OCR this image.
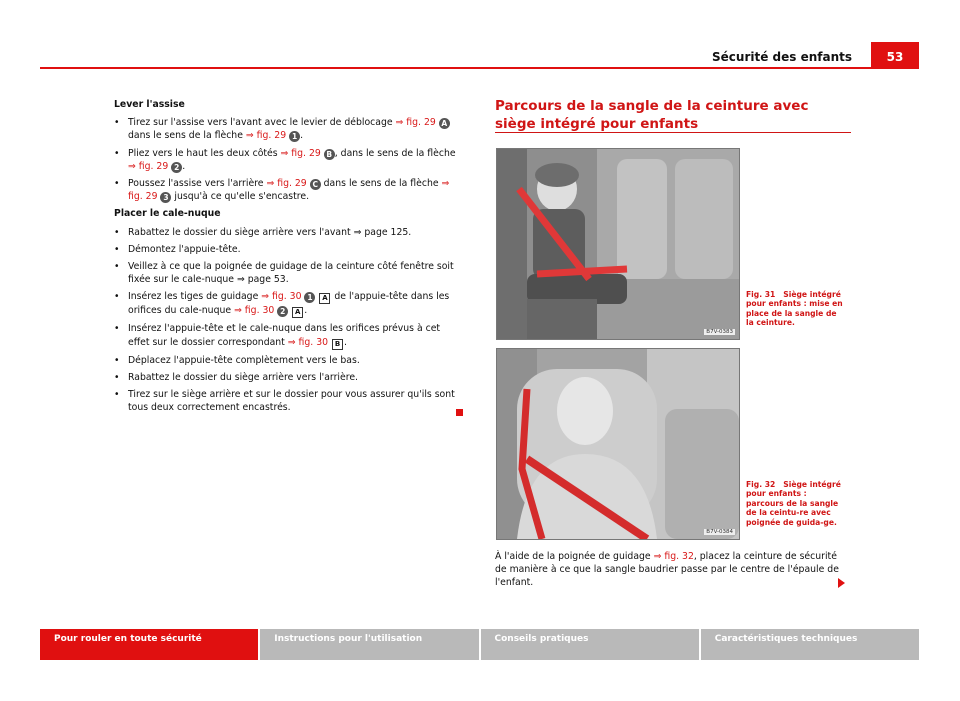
Sécurité des enfants	53

Lever l'assise

• Tirez sur l'assise vers l'avant avec le levier de déblocage ⇒ fig. 29 A dans le sens de la flèche ⇒ fig. 29 1 .

• Pliez vers le haut les deux côtés ⇒ fig. 29 B , dans le sens de la flèche ⇒ fig. 29 2 .

• Poussez l'assise vers l'arrière ⇒ fig. 29 C dans le sens de la flèche ⇒ fig. 29 3 jusqu'à ce qu'elle s'encastre.

Placer le cale-nuque

• Rabattez le dossier du siège arrière vers l'avant ⇒ page 125.

• Démontez l'appuie-tête.

• Veillez à ce que la poignée de guidage de la ceinture côté fenêtre soit fixée sur le cale-nuque ⇒ page 53.

• Insérez les tiges de guidage ⇒ fig. 30 1 A de l'appuie-tête dans les orifices du cale-nuque ⇒ fig. 30 2 A .

• Insérez l'appuie-tête et le cale-nuque dans les orifices prévus à cet effet sur le dossier correspondant ⇒ fig. 30 B .

• Déplacez l'appuie-tête complètement vers le bas.

• Rabattez le dossier du siège arrière vers l'arrière.

• Tirez sur le siège arrière et sur le dossier pour vous assurer qu'ils sont tous deux correctement encastrés.

Parcours de la sangle de la ceinture avec siège intégré pour enfants
B7V-0383
Fig. 31 Siège intégré pour enfants : mise en place de la sangle de la ceinture.
B7V-0384
Fig. 32 Siège intégré pour enfants : parcours de la sangle de la ceintu-re avec poignée de guida-ge.
À l'aide de la poignée de guidage ⇒ fig. 32, placez la ceinture de sécurité de manière à ce que la sangle baudrier passe par le centre de l'épaule de l'enfant.
Pour rouler en toute sécurité	Instructions pour l'utilisation	Conseils pratiques	Caractéristiques techniques
